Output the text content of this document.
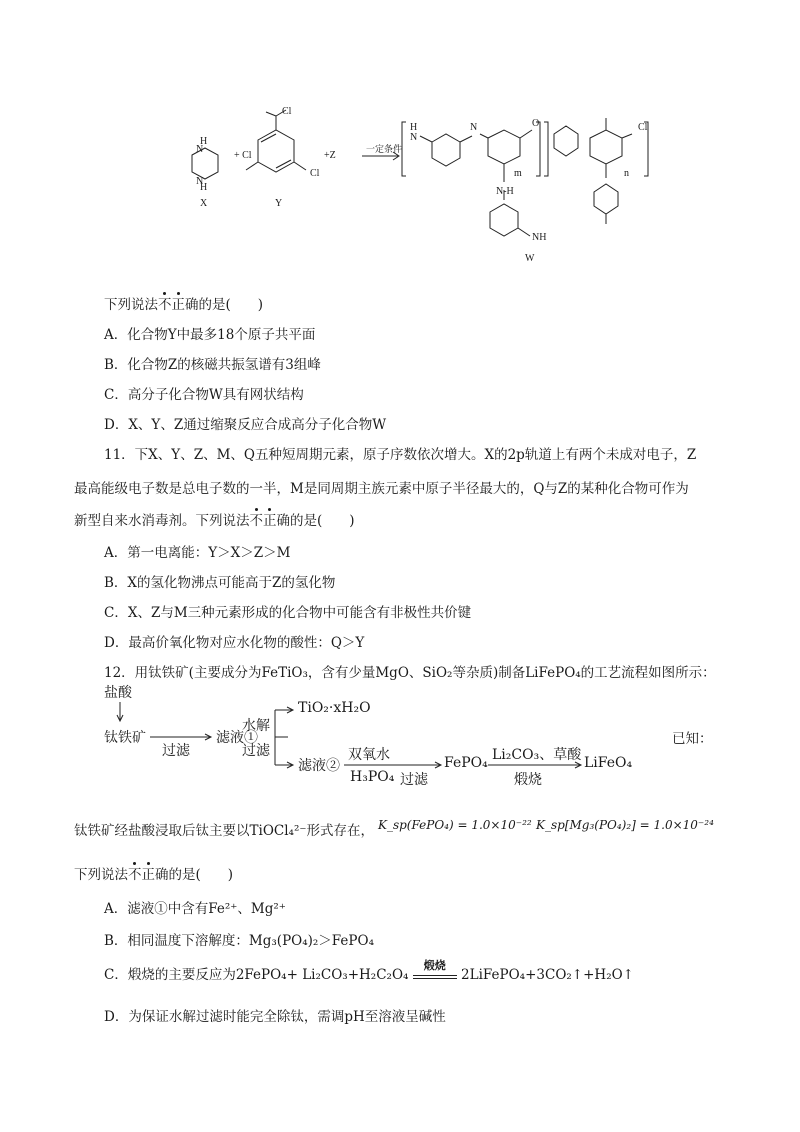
H
H
N
N
+ Cl
Cl
Cl
H
N
N	O	Cl
N-H
NH
X	Y
+Z
一定条件
m	n
W
下列说法不正确的是(　　)
A．化合物Y中最多18个原子共平面
B．化合物Z的核磁共振氢谱有3组峰
C．高分子化合物W具有网状结构
D．X、Y、Z通过缩聚反应合成高分子化合物W
11．下X、Y、Z、M、Q五种短周期元素，原子序数依次增大。X的2p轨道上有两个未成对电子，Z
最高能级电子数是总电子数的一半，M是同周期主族元素中原子半径最大的，Q与Z的某种化合物可作为
新型自来水消毒剂。下列说法不正确的是(　　)
A．第一电离能：Y＞X＞Z＞M
B．X的氢化物沸点可能高于Z的氢化物
C．X、Z与M三种元素形成的化合物中可能含有非极性共价键
D．最高价氧化物对应水化物的酸性：Q＞Y
12．用钛铁矿(主要成分为FeTiO₃，含有少量MgO、SiO₂等杂质)制备LiFePO₄的工艺流程如图所示：
盐酸
钛铁矿
过滤
滤液①
水解
过滤
TiO₂·xH₂O
滤液②
双氧水
H₃PO₄ 过滤
FePO₄ Li₂CO₃、草酸
煅烧
LiFeO₄
已知：
钛铁矿经盐酸浸取后钛主要以TiOCl₄²⁻形式存在， K_sp(FePO₄) = 1.0×10⁻²² K_sp[Mg₃(PO₄)₂] = 1.0×10⁻²⁴
下列说法不正确的是(　　)
A．滤液①中含有Fe²⁺、Mg²⁺
B．相同温度下溶解度：Mg₃(PO₄)₂＞FePO₄
C．煅烧的主要反应为2FePO₄+ Li₂CO₃+H₂C₂O₄
煅烧
2LiFePO₄+3CO₂↑+H₂O↑
D．为保证水解过滤时能完全除钛，需调pH至溶液呈碱性
